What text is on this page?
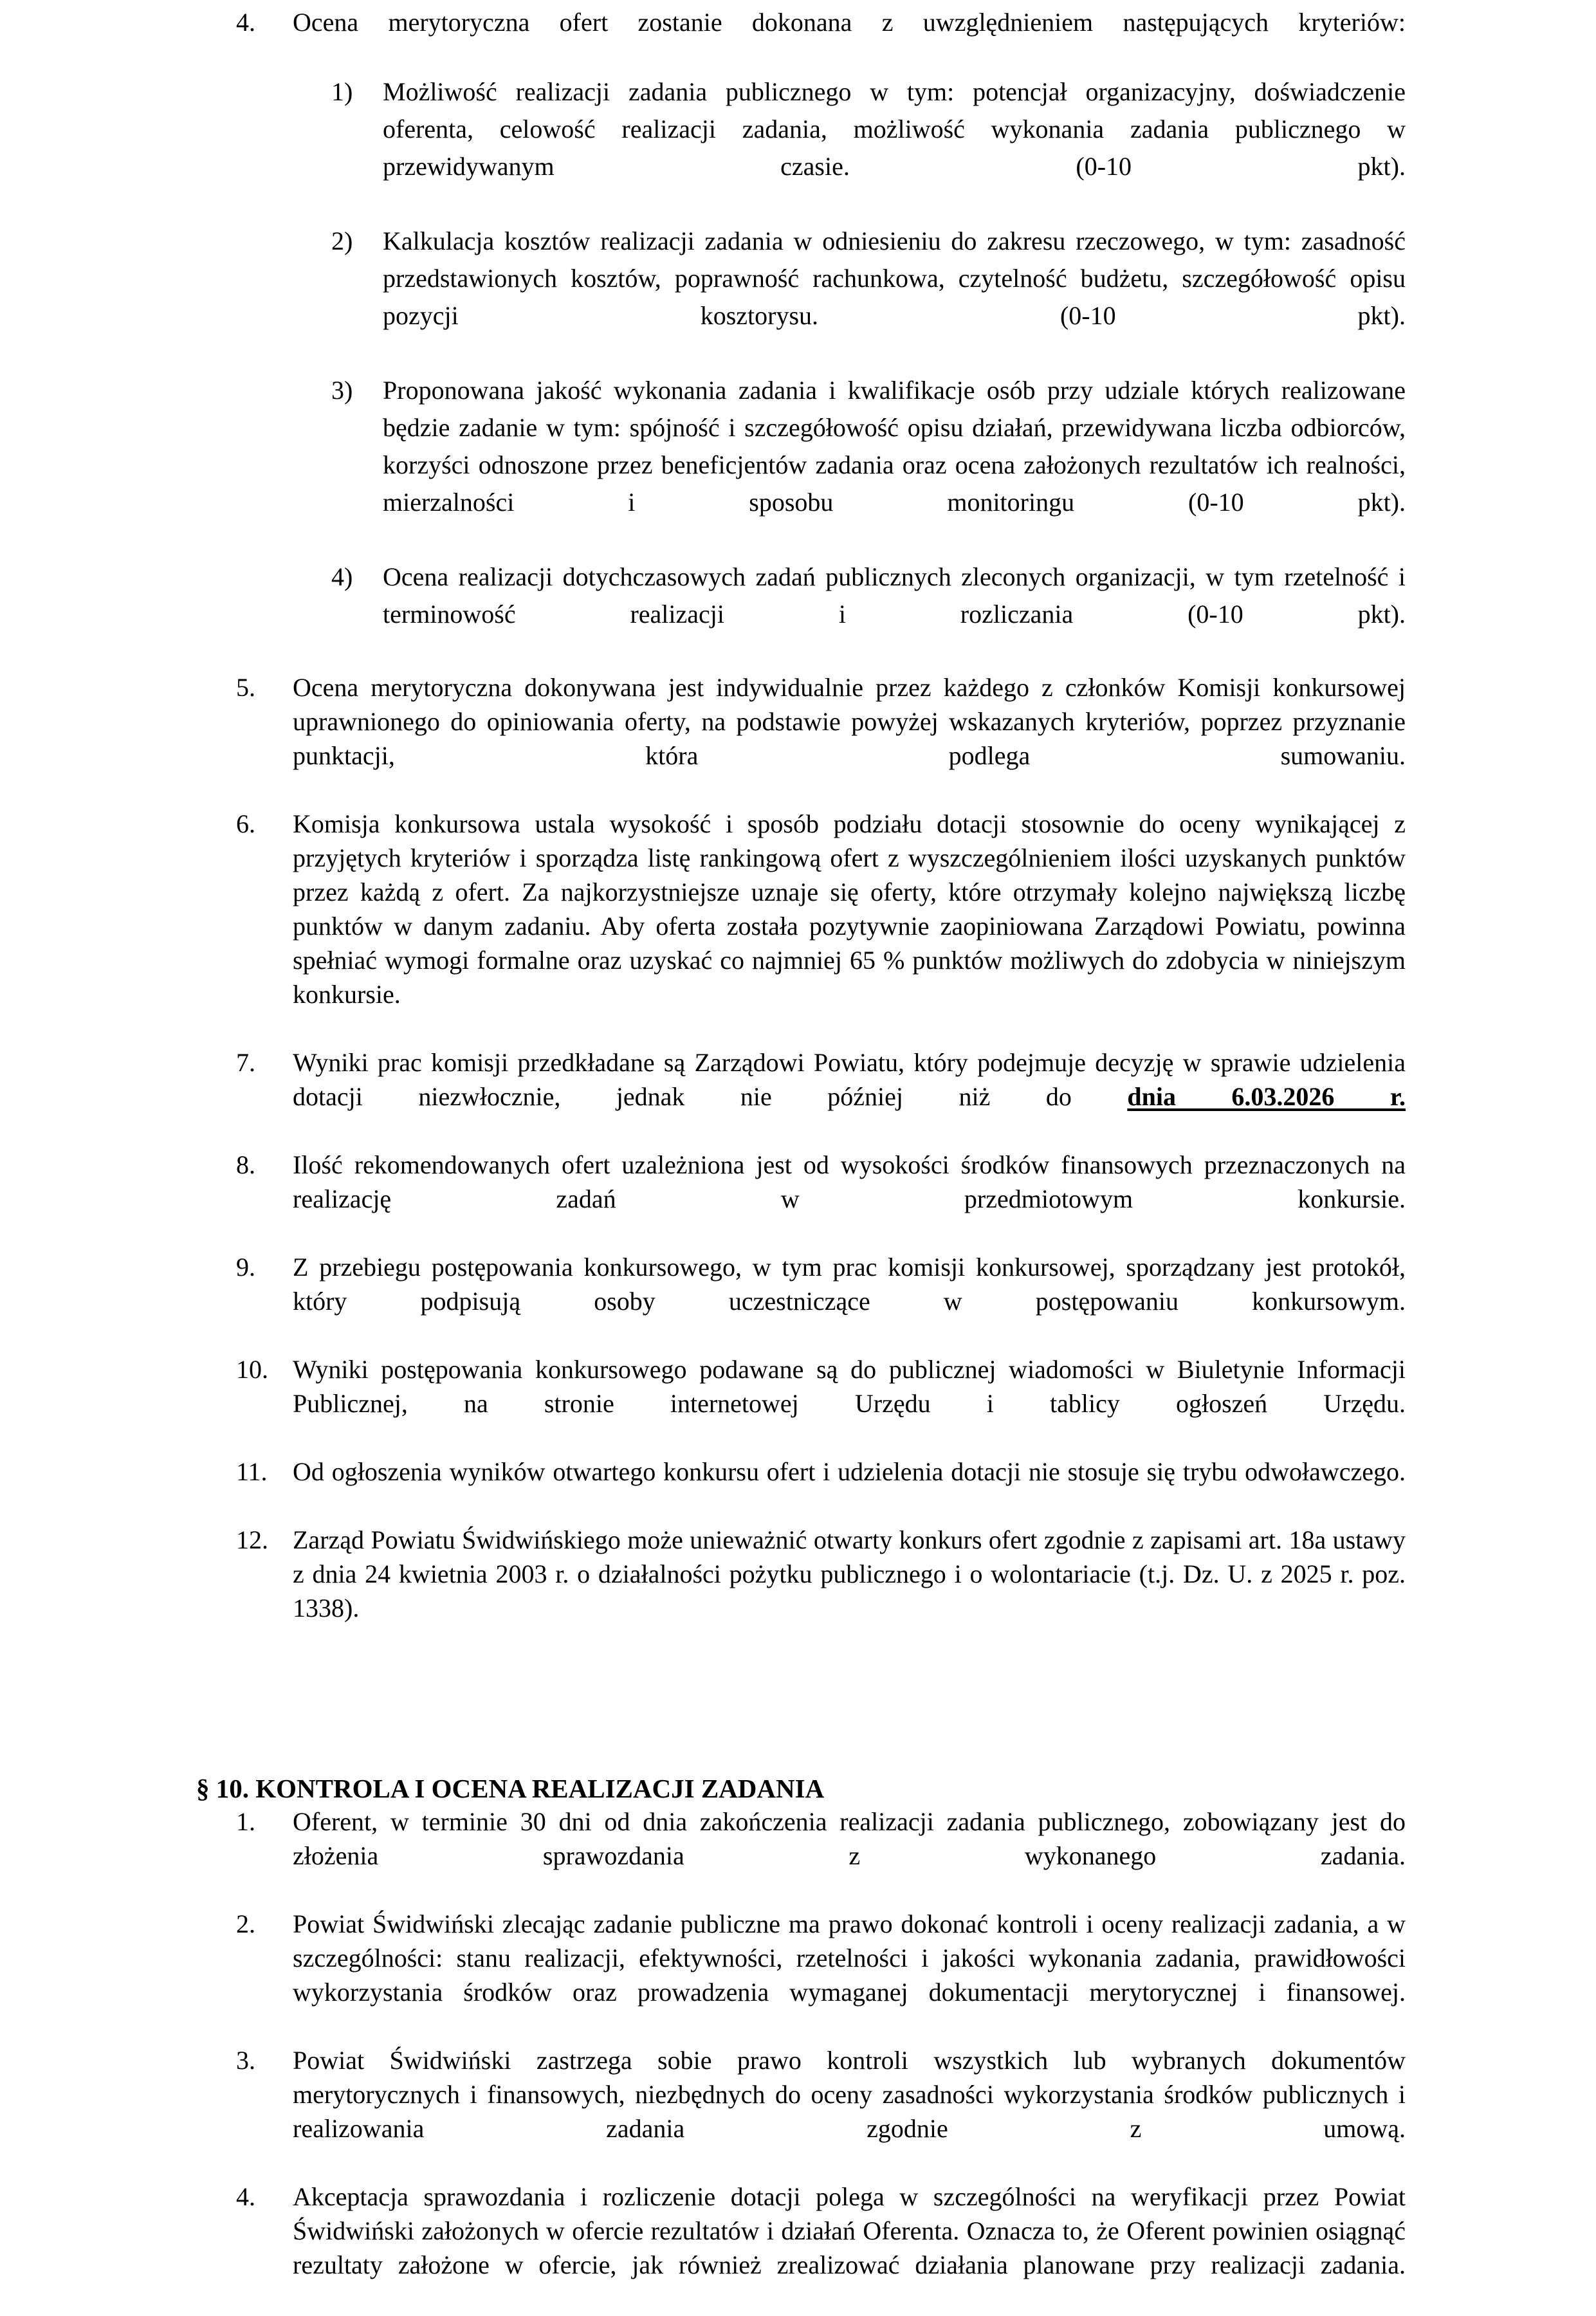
4.	Ocena merytoryczna ofert zostanie dokonana z uwzględnieniem następujących kryteriów:
1)	Możliwość realizacji zadania publicznego w tym: potencjał organizacyjny, doświadczenie oferenta, celowość realizacji zadania, możliwość wykonania zadania publicznego w przewidywanym czasie. (0-10 pkt).
2)	Kalkulacja kosztów realizacji zadania w odniesieniu do zakresu rzeczowego, w tym: zasadność przedstawionych kosztów, poprawność rachunkowa, czytelność budżetu, szczegółowość opisu pozycji kosztorysu. (0-10 pkt).
3)	Proponowana jakość wykonania zadania i kwalifikacje osób przy udziale których realizowane będzie zadanie w tym: spójność i szczegółowość opisu działań, przewidywana liczba odbiorców, korzyści odnoszone przez beneficjentów zadania oraz ocena założonych rezultatów ich realności, mierzalności i sposobu monitoringu (0-10 pkt).
4)	Ocena realizacji dotychczasowych zadań publicznych zleconych organizacji, w tym rzetelność i terminowość realizacji i rozliczania (0-10 pkt).
5.	Ocena merytoryczna dokonywana jest indywidualnie przez każdego z członków Komisji konkursowej uprawnionego do opiniowania oferty, na podstawie powyżej wskazanych kryteriów, poprzez przyznanie punktacji, która podlega sumowaniu.
6.	Komisja konkursowa ustala wysokość i sposób podziału dotacji stosownie do oceny wynikającej z przyjętych kryteriów i sporządza listę rankingową ofert z wyszczególnieniem ilości uzyskanych punktów przez każdą z ofert. Za najkorzystniejsze uznaje się oferty, które otrzymały kolejno największą liczbę punktów w danym zadaniu. Aby oferta została pozytywnie zaopiniowana Zarządowi Powiatu, powinna spełniać wymogi formalne oraz uzyskać co najmniej 65 % punktów możliwych do zdobycia w niniejszym konkursie.
7.	Wyniki prac komisji przedkładane są Zarządowi Powiatu, który podejmuje decyzję w sprawie udzielenia dotacji niezwłocznie, jednak nie później niż do dnia 6.03.2026 r.
8.	Ilość rekomendowanych ofert uzależniona jest od wysokości środków finansowych przeznaczonych na realizację zadań w przedmiotowym konkursie.
9.	Z przebiegu postępowania konkursowego, w tym prac komisji konkursowej, sporządzany jest protokół, który podpisują osoby uczestniczące w postępowaniu konkursowym.
10. Wyniki postępowania konkursowego podawane są do publicznej wiadomości w Biuletynie Informacji Publicznej, na stronie internetowej Urzędu i tablicy ogłoszeń Urzędu.
11. Od ogłoszenia wyników otwartego konkursu ofert i udzielenia dotacji nie stosuje się trybu odwoławczego.
12. Zarząd Powiatu Świdwińskiego może unieważnić otwarty konkurs ofert zgodnie z zapisami art. 18a ustawy z dnia 24 kwietnia 2003 r. o działalności pożytku publicznego i o wolontariacie (t.j. Dz. U. z 2025 r. poz. 1338).
§ 10. KONTROLA I OCENA REALIZACJI ZADANIA
1.	Oferent, w terminie 30 dni od dnia zakończenia realizacji zadania publicznego, zobowiązany jest do złożenia sprawozdania z wykonanego zadania.
2.	Powiat Świdwiński zlecając zadanie publiczne ma prawo dokonać kontroli i oceny realizacji zadania, a w szczególności: stanu realizacji, efektywności, rzetelności i jakości wykonania zadania, prawidłowości wykorzystania środków oraz prowadzenia wymaganej dokumentacji merytorycznej i finansowej.
3.	Powiat Świdwiński zastrzega sobie prawo kontroli wszystkich lub wybranych dokumentów merytorycznych i finansowych, niezbędnych do oceny zasadności wykorzystania środków publicznych i realizowania zadania zgodnie z umową.
4.	Akceptacja sprawozdania i rozliczenie dotacji polega w szczególności na weryfikacji przez Powiat Świdwiński założonych w ofercie rezultatów i działań Oferenta. Oznacza to, że Oferent powinien osiągnąć rezultaty założone w ofercie, jak również zrealizować działania planowane przy realizacji zadania.
